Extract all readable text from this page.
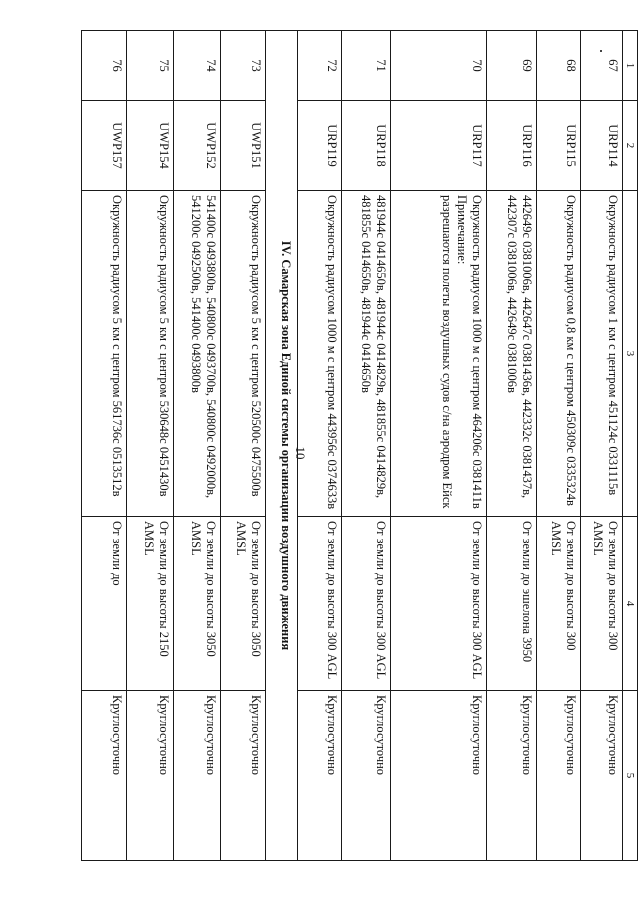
10
1	2	3	4	5
67	URP114	Окружность радиусом 1 км с центром 451124с 0331115в	От земли до высоты 300 AMSL	Круглосуточно
68	URP115	Окружность радиусом 0,8 км с центром 450309с 0335324в	От земли до высоты 300 AMSL	Круглосуточно
69	URP116	442649с 0381006в, 442647с 0381436в, 442332с 0381437в, 442307с 0381006в, 442649с 0381006в	От земли до эшелона 3950	Круглосуточно
70	URP117	Окружность радиусом 1000 м с центром 464206с 0381411в
Примечание:
разрешаются полеты воздушных судов с/на аэродром Ейск	От земли до высоты 300 AGL	Круглосуточно
71	URP118	481944с 0414650в, 481944с 0414829в, 481855с 0414829в, 481855с 0414650в, 481944с 0414650в	От земли до высоты 300 AGL	Круглосуточно
72	URP119	Окружность радиусом 1000 м с центром 443956с 0374633в	От земли до высоты 300 AGL	Круглосуточно
IV. Самарская зона Единой системы организации воздушного движения				
73	UWP151	Окружность радиусом 5 км с центром 520500с 0475500в	От земли до высоты 3050 AMSL	Круглосуточно
74	UWP152	541400с 0493800в, 540800с 0493700в, 540800с 0492000в, 541200с 0492500в, 541400с 0493800в	От земли до высоты 3050 AMSL	Круглосуточно
75	UWP154	Окружность радиусом 5 км с центром 530648с 0451430в	От земли до высоты 2150 AMSL	Круглосуточно
76	UWP157	Окружность радиусом 5 км с центром 561736с 0513512в	От земли до	Круглосуточно
